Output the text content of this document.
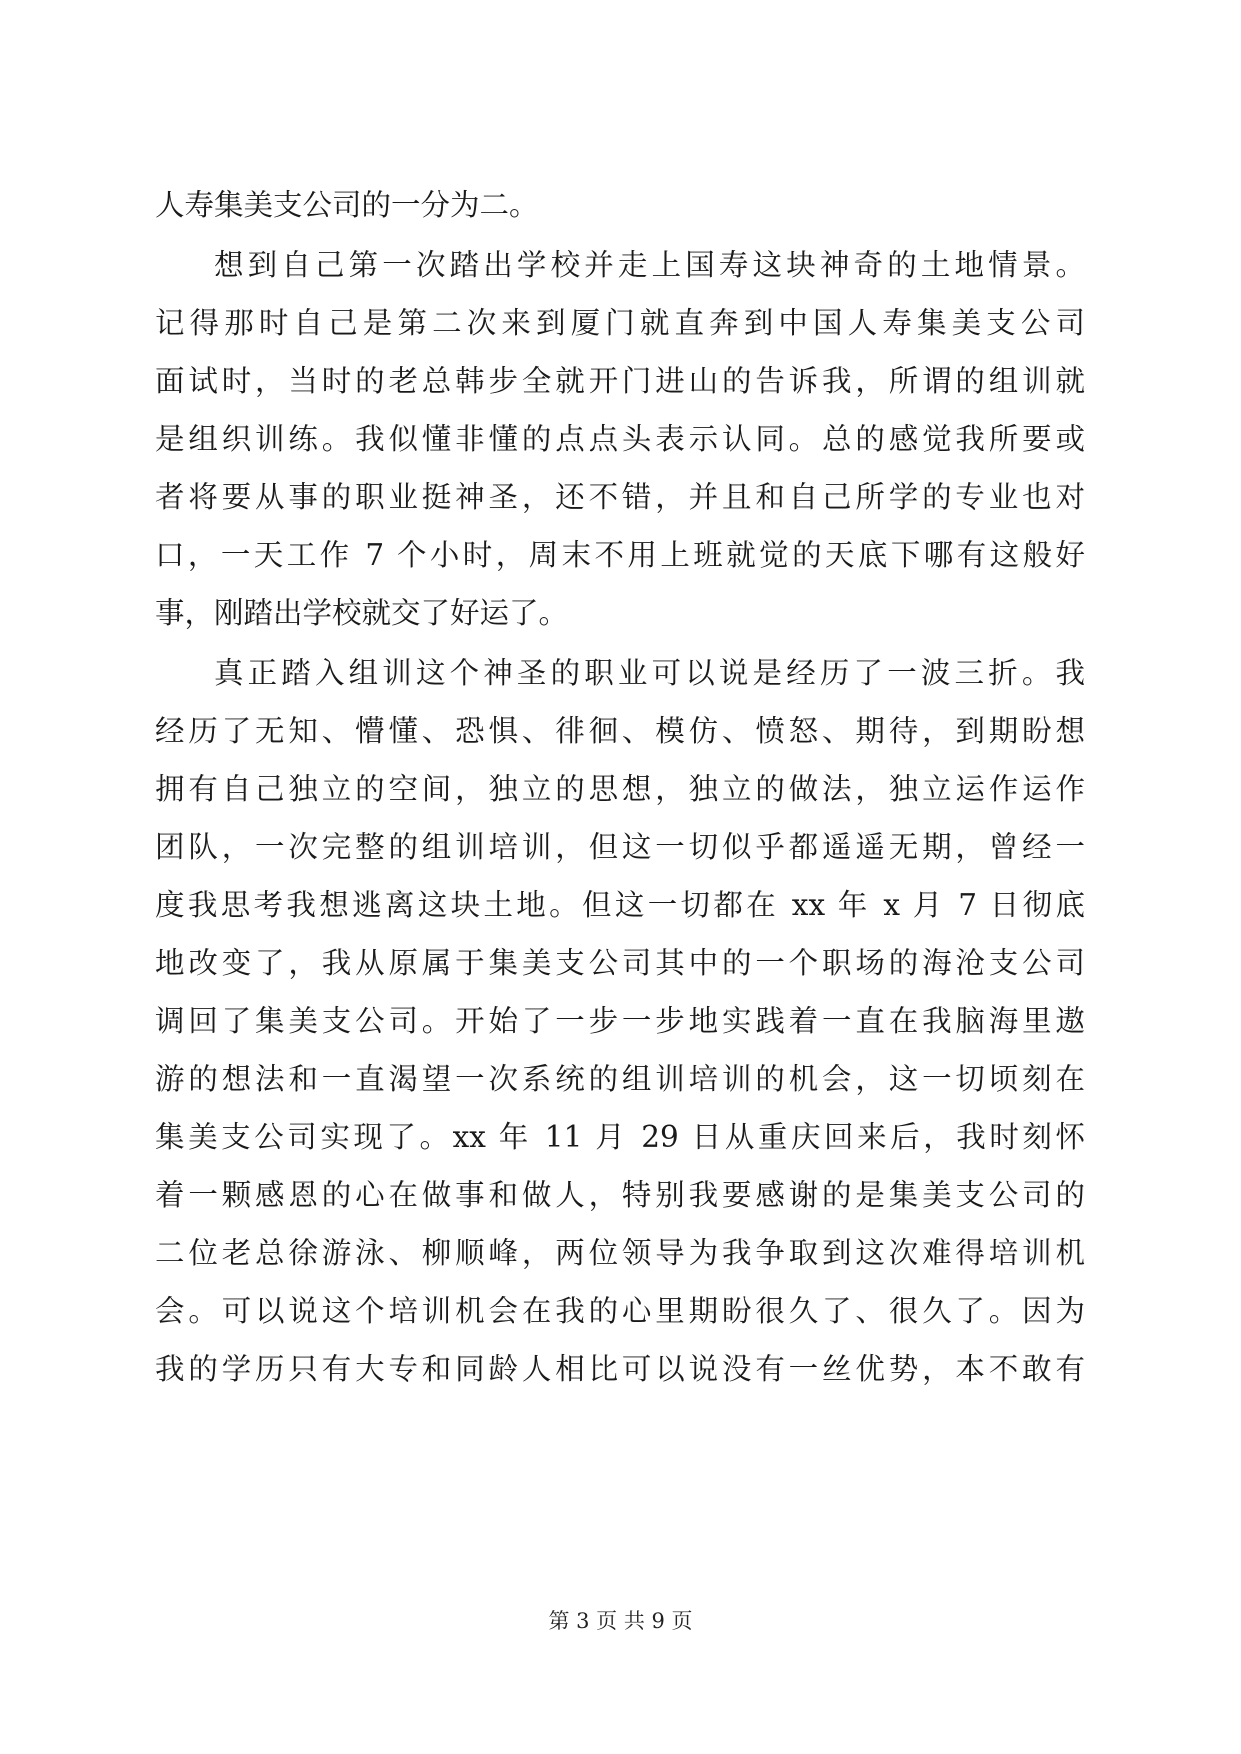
人寿集美支公司的一分为二。
想到自己第一次踏出学校并走上国寿这块神奇的土地情景。
记得那时自己是第二次来到厦门就直奔到中国人寿集美支公司
面试时，当时的老总韩步全就开门进山的告诉我，所谓的组训就
是组织训练。我似懂非懂的点点头表示认同。总的感觉我所要或
者将要从事的职业挺神圣，还不错，并且和自己所学的专业也对
口，一天工作 7 个小时，周末不用上班就觉的天底下哪有这般好
事，刚踏出学校就交了好运了。
真正踏入组训这个神圣的职业可以说是经历了一波三折。我
经历了无知、懵懂、恐惧、徘徊、模仿、愤怒、期待，到期盼想
拥有自己独立的空间，独立的思想，独立的做法，独立运作运作
团队，一次完整的组训培训，但这一切似乎都遥遥无期，曾经一
度我思考我想逃离这块土地。但这一切都在 xx 年 x 月 7 日彻底
地改变了，我从原属于集美支公司其中的一个职场的海沧支公司
调回了集美支公司。开始了一步一步地实践着一直在我脑海里遨
游的想法和一直渴望一次系统的组训培训的机会，这一切顷刻在
集美支公司实现了。xx 年 11 月 29 日从重庆回来后，我时刻怀
着一颗感恩的心在做事和做人，特别我要感谢的是集美支公司的
二位老总徐游泳、柳顺峰，两位领导为我争取到这次难得培训机
会。可以说这个培训机会在我的心里期盼很久了、很久了。因为
我的学历只有大专和同龄人相比可以说没有一丝优势，本不敢有
第 3 页 共 9 页
